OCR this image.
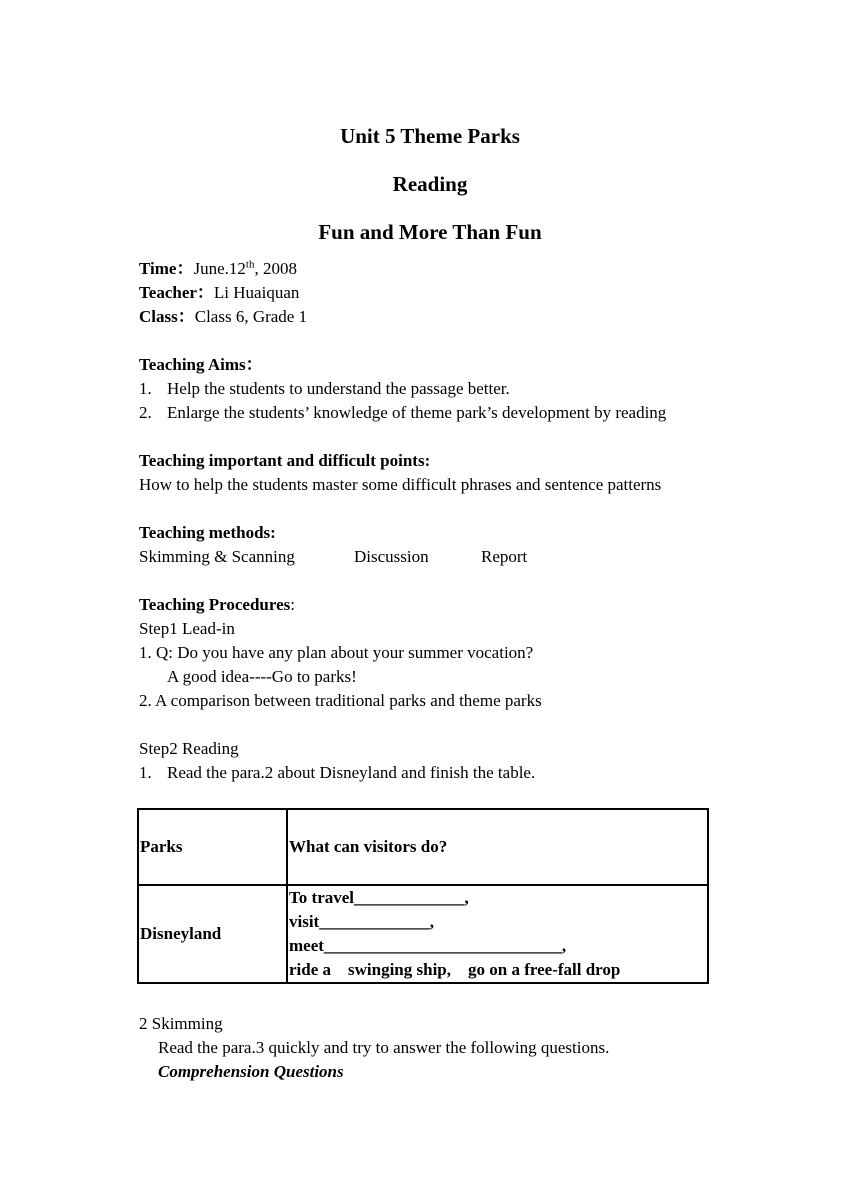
Unit 5 Theme Parks
Reading
Fun and More Than Fun
Time：June.12th, 2008
Teacher：Li Huaiquan
Class：Class 6, Grade 1
Teaching Aims：
1. Help the students to understand the passage better.
2. Enlarge the students’ knowledge of theme park’s development by reading
Teaching important and difficult points:
How to help the students master some difficult phrases and sentence patterns
Teaching methods:
Skimming & Scanning	Discussion	Report
Teaching Procedures:
Step1 Lead-in
1. Q: Do you have any plan about your summer vocation?
A good idea----Go to parks!
2. A comparison between traditional parks and theme parks
Step2 Reading
1. Read the para.2 about Disneyland and finish the table.
Parks	What can visitors do?
Disneyland	To travel_____________,
visit_____________,
meet____________________________,
ride a    swinging ship,    go on a free-fall drop
2 Skimming
Read the para.3 quickly and try to answer the following questions.
Comprehension Questions
